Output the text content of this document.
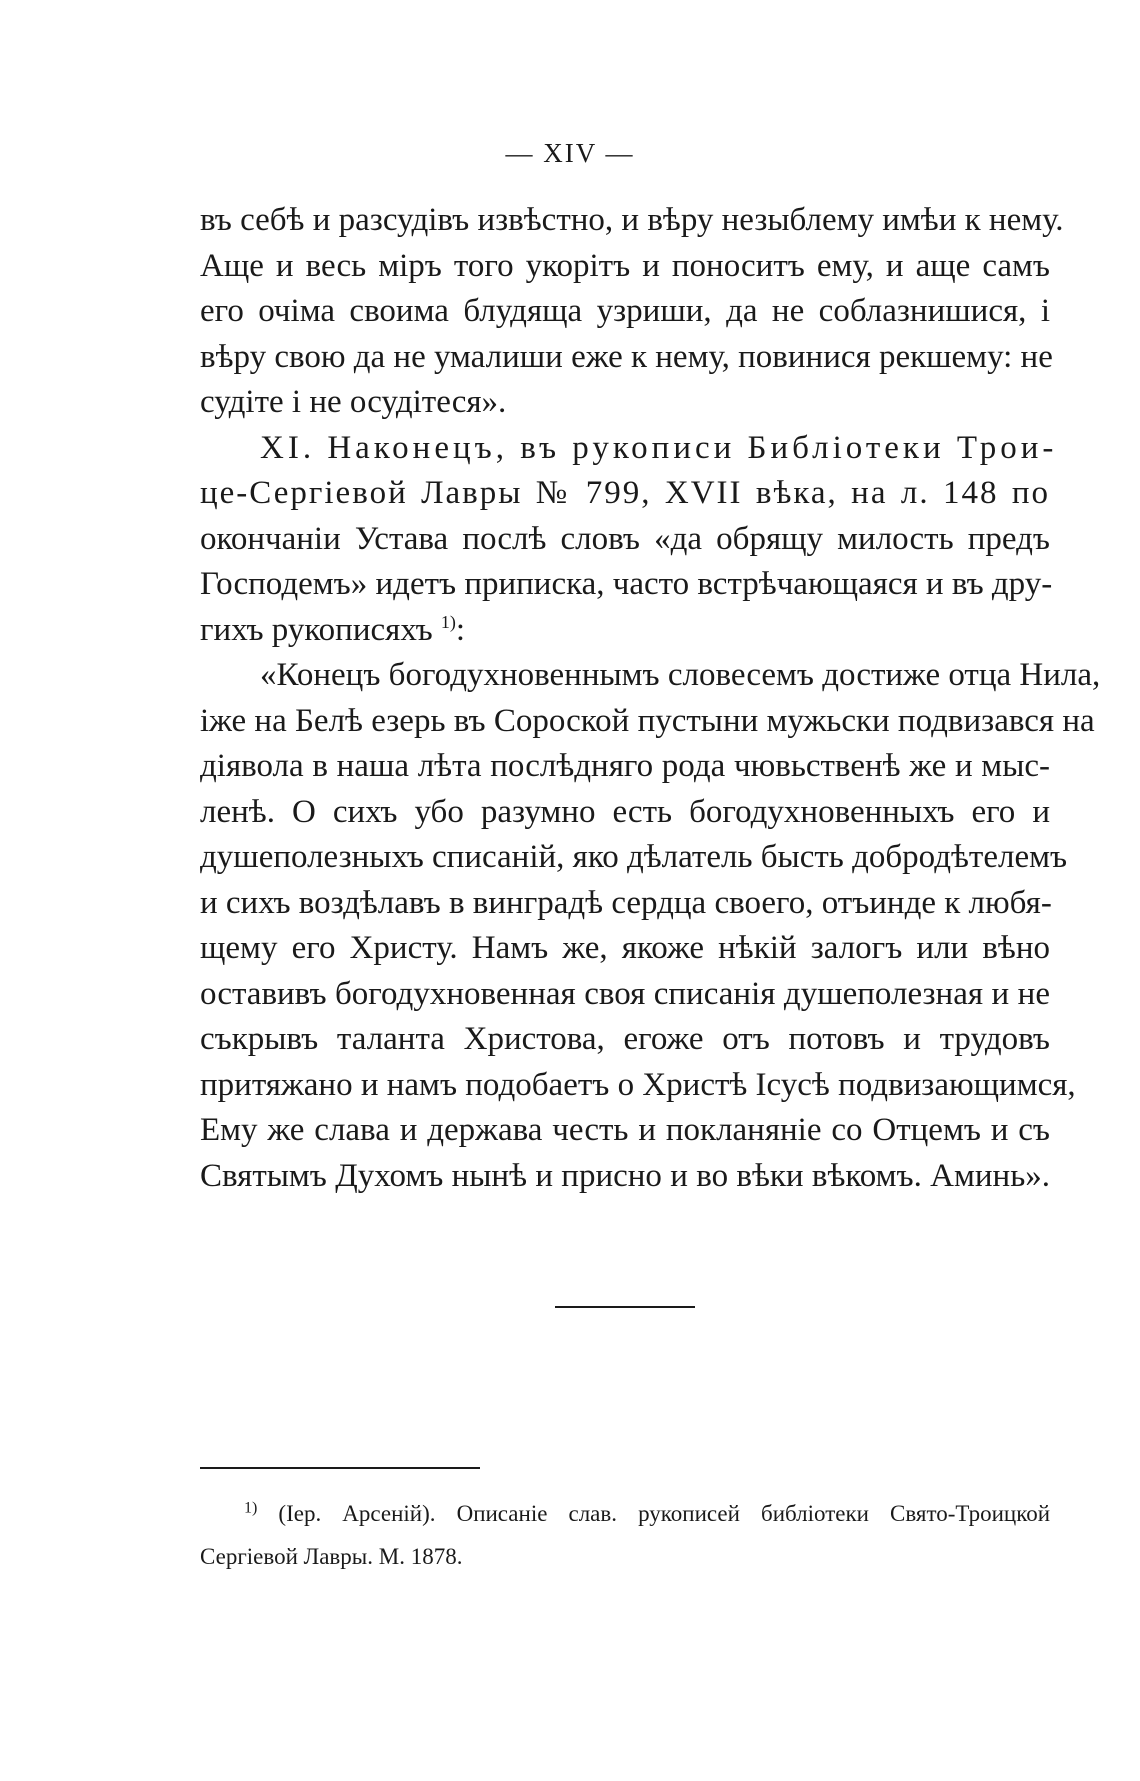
— XIV —
въ себѣ и разсудівъ извѣстно, и вѣру незыблему имѣи к нему.
Аще и весь міръ того укорітъ и поноситъ ему, и аще самъ
его очіма своима блудяща узриши, да не соблазнишися, і
вѣру свою да не умалиши еже к нему, повинися рекшему: не
судіте і не осудітеся».
XI. Наконецъ, въ рукописи Библіотеки Трои-
це-Сергіевой Лавры № 799, XVII вѣка, на л. 148 по
окончаніи Устава послѣ словъ «да обрящу милость предъ
Господемъ» идетъ приписка, часто встрѣчающаяся и въ дру-
гихъ рукописяхъ $^{1)}$:
«Конецъ богодухновеннымъ словесемъ достиже отца Нила,
іже на Белѣ езерь въ Сороской пустыни мужьски подвизався на
діявола в наша лѣта послѣдняго рода чювьственѣ же и мыс-
ленѣ. О сихъ убо разумно есть богодухновенныхъ его и
душеполезныхъ списаній, яко дѣлатель бысть добродѣтелемъ
и сихъ воздѣлавъ в винградѣ сердца своего, отъинде к любя-
щему его Христу. Намъ же, якоже нѣкій залогъ или вѣно
оставивъ богодухновенная своя списанія душеполезная и не
съкрывъ таланта Христова, егоже отъ потовъ и трудовъ
притяжано и намъ подобаетъ о Христѣ Ісусѣ подвизающимся,
Ему же слава и держава честь и покланяніе со Отцемъ и съ
Святымъ Духомъ нынѣ и присно и во вѣки вѣкомъ. Аминь».
$^{1)}$ (Іер. Арсеній). Описаніе слав. рукописей библіотеки Свято-Троицкой
Сергіевой Лавры. М. 1878.
